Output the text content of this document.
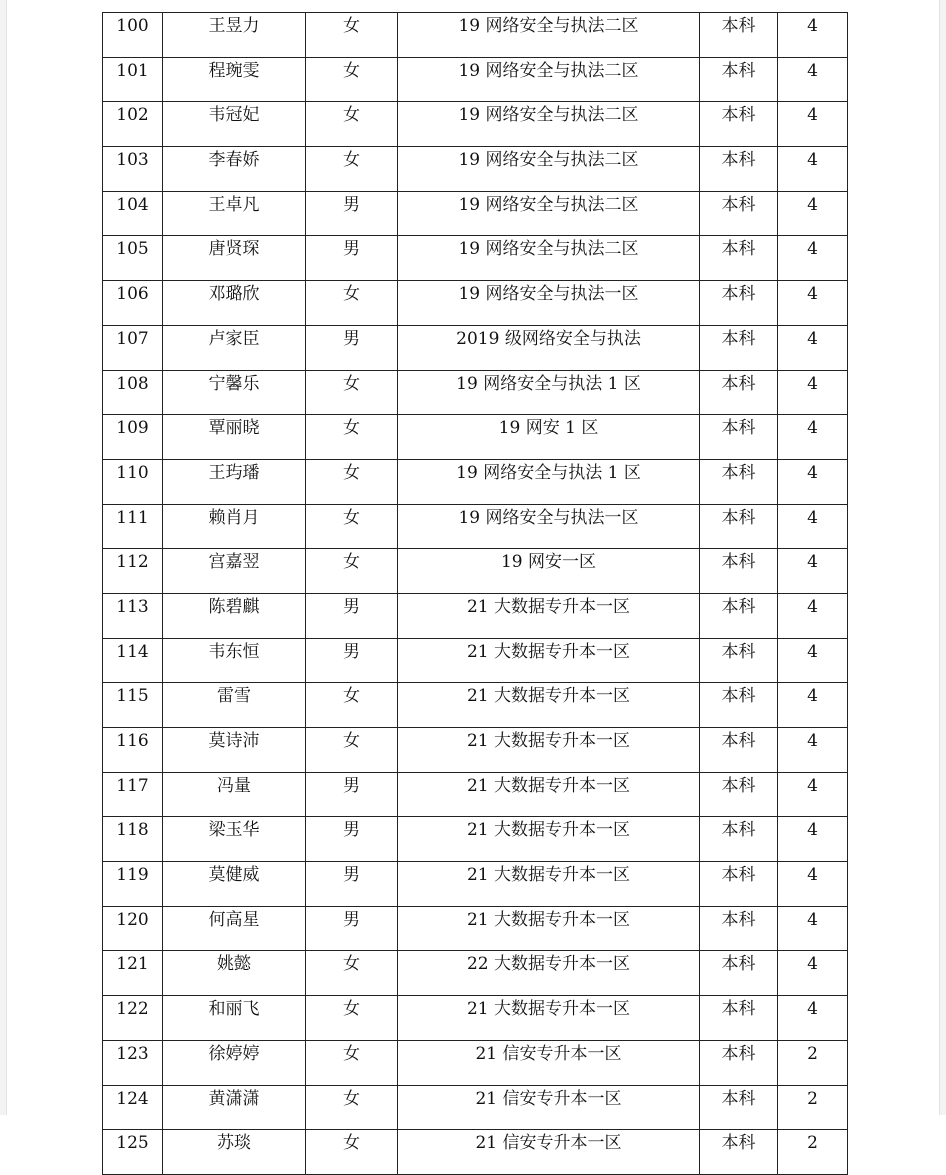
100	王昱力	女	19 网络安全与执法二区	本科	4
101	程琬雯	女	19 网络安全与执法二区	本科	4
102	韦冠妃	女	19 网络安全与执法二区	本科	4
103	李春娇	女	19 网络安全与执法二区	本科	4
104	王卓凡	男	19 网络安全与执法二区	本科	4
105	唐贤琛	男	19 网络安全与执法二区	本科	4
106	邓璐欣	女	19 网络安全与执法一区	本科	4
107	卢家臣	男	2019 级网络安全与执法	本科	4
108	宁馨乐	女	19 网络安全与执法 1 区	本科	4
109	覃丽晓	女	19 网安 1 区	本科	4
110	王玙璠	女	19 网络安全与执法 1 区	本科	4
111	赖肖月	女	19 网络安全与执法一区	本科	4
112	宫嘉翌	女	19 网安一区	本科	4
113	陈碧麒	男	21 大数据专升本一区	本科	4
114	韦东恒	男	21 大数据专升本一区	本科	4
115	雷雪	女	21 大数据专升本一区	本科	4
116	莫诗沛	女	21 大数据专升本一区	本科	4
117	冯量	男	21 大数据专升本一区	本科	4
118	梁玉华	男	21 大数据专升本一区	本科	4
119	莫健威	男	21 大数据专升本一区	本科	4
120	何高星	男	21 大数据专升本一区	本科	4
121	姚懿	女	22 大数据专升本一区	本科	4
122	和丽飞	女	21 大数据专升本一区	本科	4
123	徐婷婷	女	21 信安专升本一区	本科	2
124	黄潇潇	女	21 信安专升本一区	本科	2
125	苏琰	女	21 信安专升本一区	本科	2
